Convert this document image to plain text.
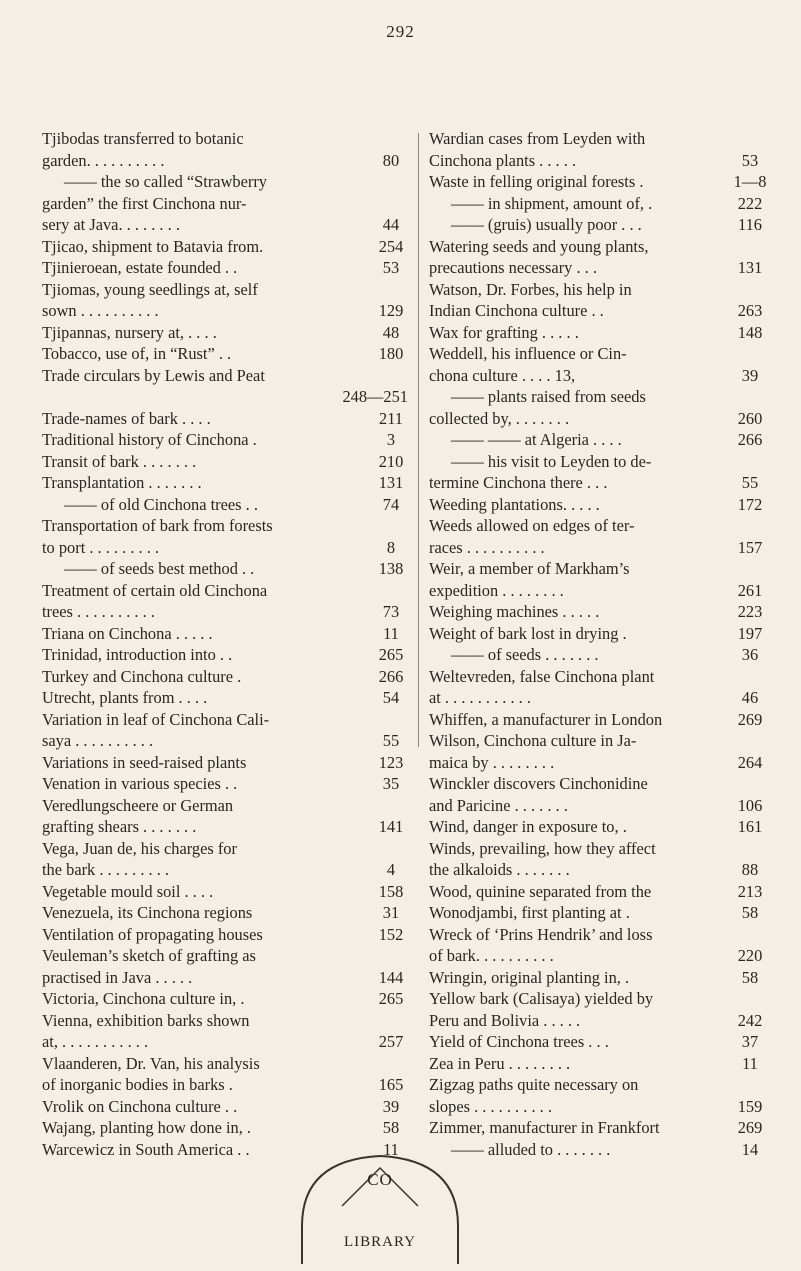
292
Tjibodas transferred to botanic
garden. . . . . . . . . .	80
—— the so called “Strawberry
garden” the first Cinchona nur-
sery at Java. . . . . . . .	44
Tjicao, shipment to Batavia from.	254
Tjinieroean, estate founded . .	53
Tjiomas, young seedlings at, self
sown . . . . . . . . . .	129
Tjipannas, nursery at, . . . .	48
Tobacco, use of, in “Rust” . .	180
Trade circulars by Lewis and Peat
248—251
Trade-names of bark . . . .	211
Traditional history of Cinchona .	3
Transit of bark . . . . . . .	210
Transplantation . . . . . . .	131
—— of old Cinchona trees . .	74
Transportation of bark from forests
to port . . . . . . . . .	8
—— of seeds best method . .	138
Treatment of certain old Cinchona
trees . . . . . . . . . .	73
Triana on Cinchona . . . . .	11
Trinidad, introduction into . .	265
Turkey and Cinchona culture .	266
Utrecht, plants from . . . .	54
Variation in leaf of Cinchona Cali-
saya . . . . . . . . . .	55
Variations in seed-raised plants	123
Venation in various species . .	35
Veredlungscheere or German
grafting shears . . . . . . .	141
Vega, Juan de, his charges for
the bark . . . . . . . . .	4
Vegetable mould soil . . . .	158
Venezuela, its Cinchona regions	31
Ventilation of propagating houses	152
Veuleman’s sketch of grafting as
practised in Java . . . . .	144
Victoria, Cinchona culture in, .	265
Vienna, exhibition barks shown
at, . . . . . . . . . . .	257
Vlaanderen, Dr. Van, his analysis
of inorganic bodies in barks .	165
Vrolik on Cinchona culture . .	39
Wajang, planting how done in, .	58
Warcewicz in South America . .	11
Wardian cases from Leyden with
Cinchona plants . . . . .	53
Waste in felling original forests .	1—8
—— in shipment, amount of, .	222
—— (gruis) usually poor . . .	116
Watering seeds and young plants,
precautions necessary . . .	131
Watson, Dr. Forbes, his help in
Indian Cinchona culture . .	263
Wax for grafting . . . . .	148
Weddell, his influence or Cin-
chona culture . . . . 13,	39
—— plants raised from seeds
collected by, . . . . . . .	260
—— —— at Algeria . . . .	266
—— his visit to Leyden to de-
termine Cinchona there . . .	55
Weeding plantations. . . . .	172
Weeds allowed on edges of ter-
races . . . . . . . . . .	157
Weir, a member of Markham’s
expedition . . . . . . . .	261
Weighing machines . . . . .	223
Weight of bark lost in drying .	197
—— of seeds . . . . . . .	36
Weltevreden, false Cinchona plant
at . . . . . . . . . . .	46
Whiffen, a manufacturer in London	269
Wilson, Cinchona culture in Ja-
maica by . . . . . . . .	264
Winckler discovers Cinchonidine
and Paricine . . . . . . .	106
Wind, danger in exposure to, .	161
Winds, prevailing, how they affect
the alkaloids . . . . . . .	88
Wood, quinine separated from the	213
Wonodjambi, first planting at .	58
Wreck of ‘Prins Hendrik’ and loss
of bark. . . . . . . . . .	220
Wringin, original planting in, .	58
Yellow bark (Calisaya) yielded by
Peru and Bolivia . . . . .	242
Yield of Cinchona trees . . .	37
Zea in Peru . . . . . . . .	11
Zigzag paths quite necessary on
slopes . . . . . . . . . .	159
Zimmer, manufacturer in Frankfort	269
—— alluded to . . . . . . .	14
CO
LIBRARY
